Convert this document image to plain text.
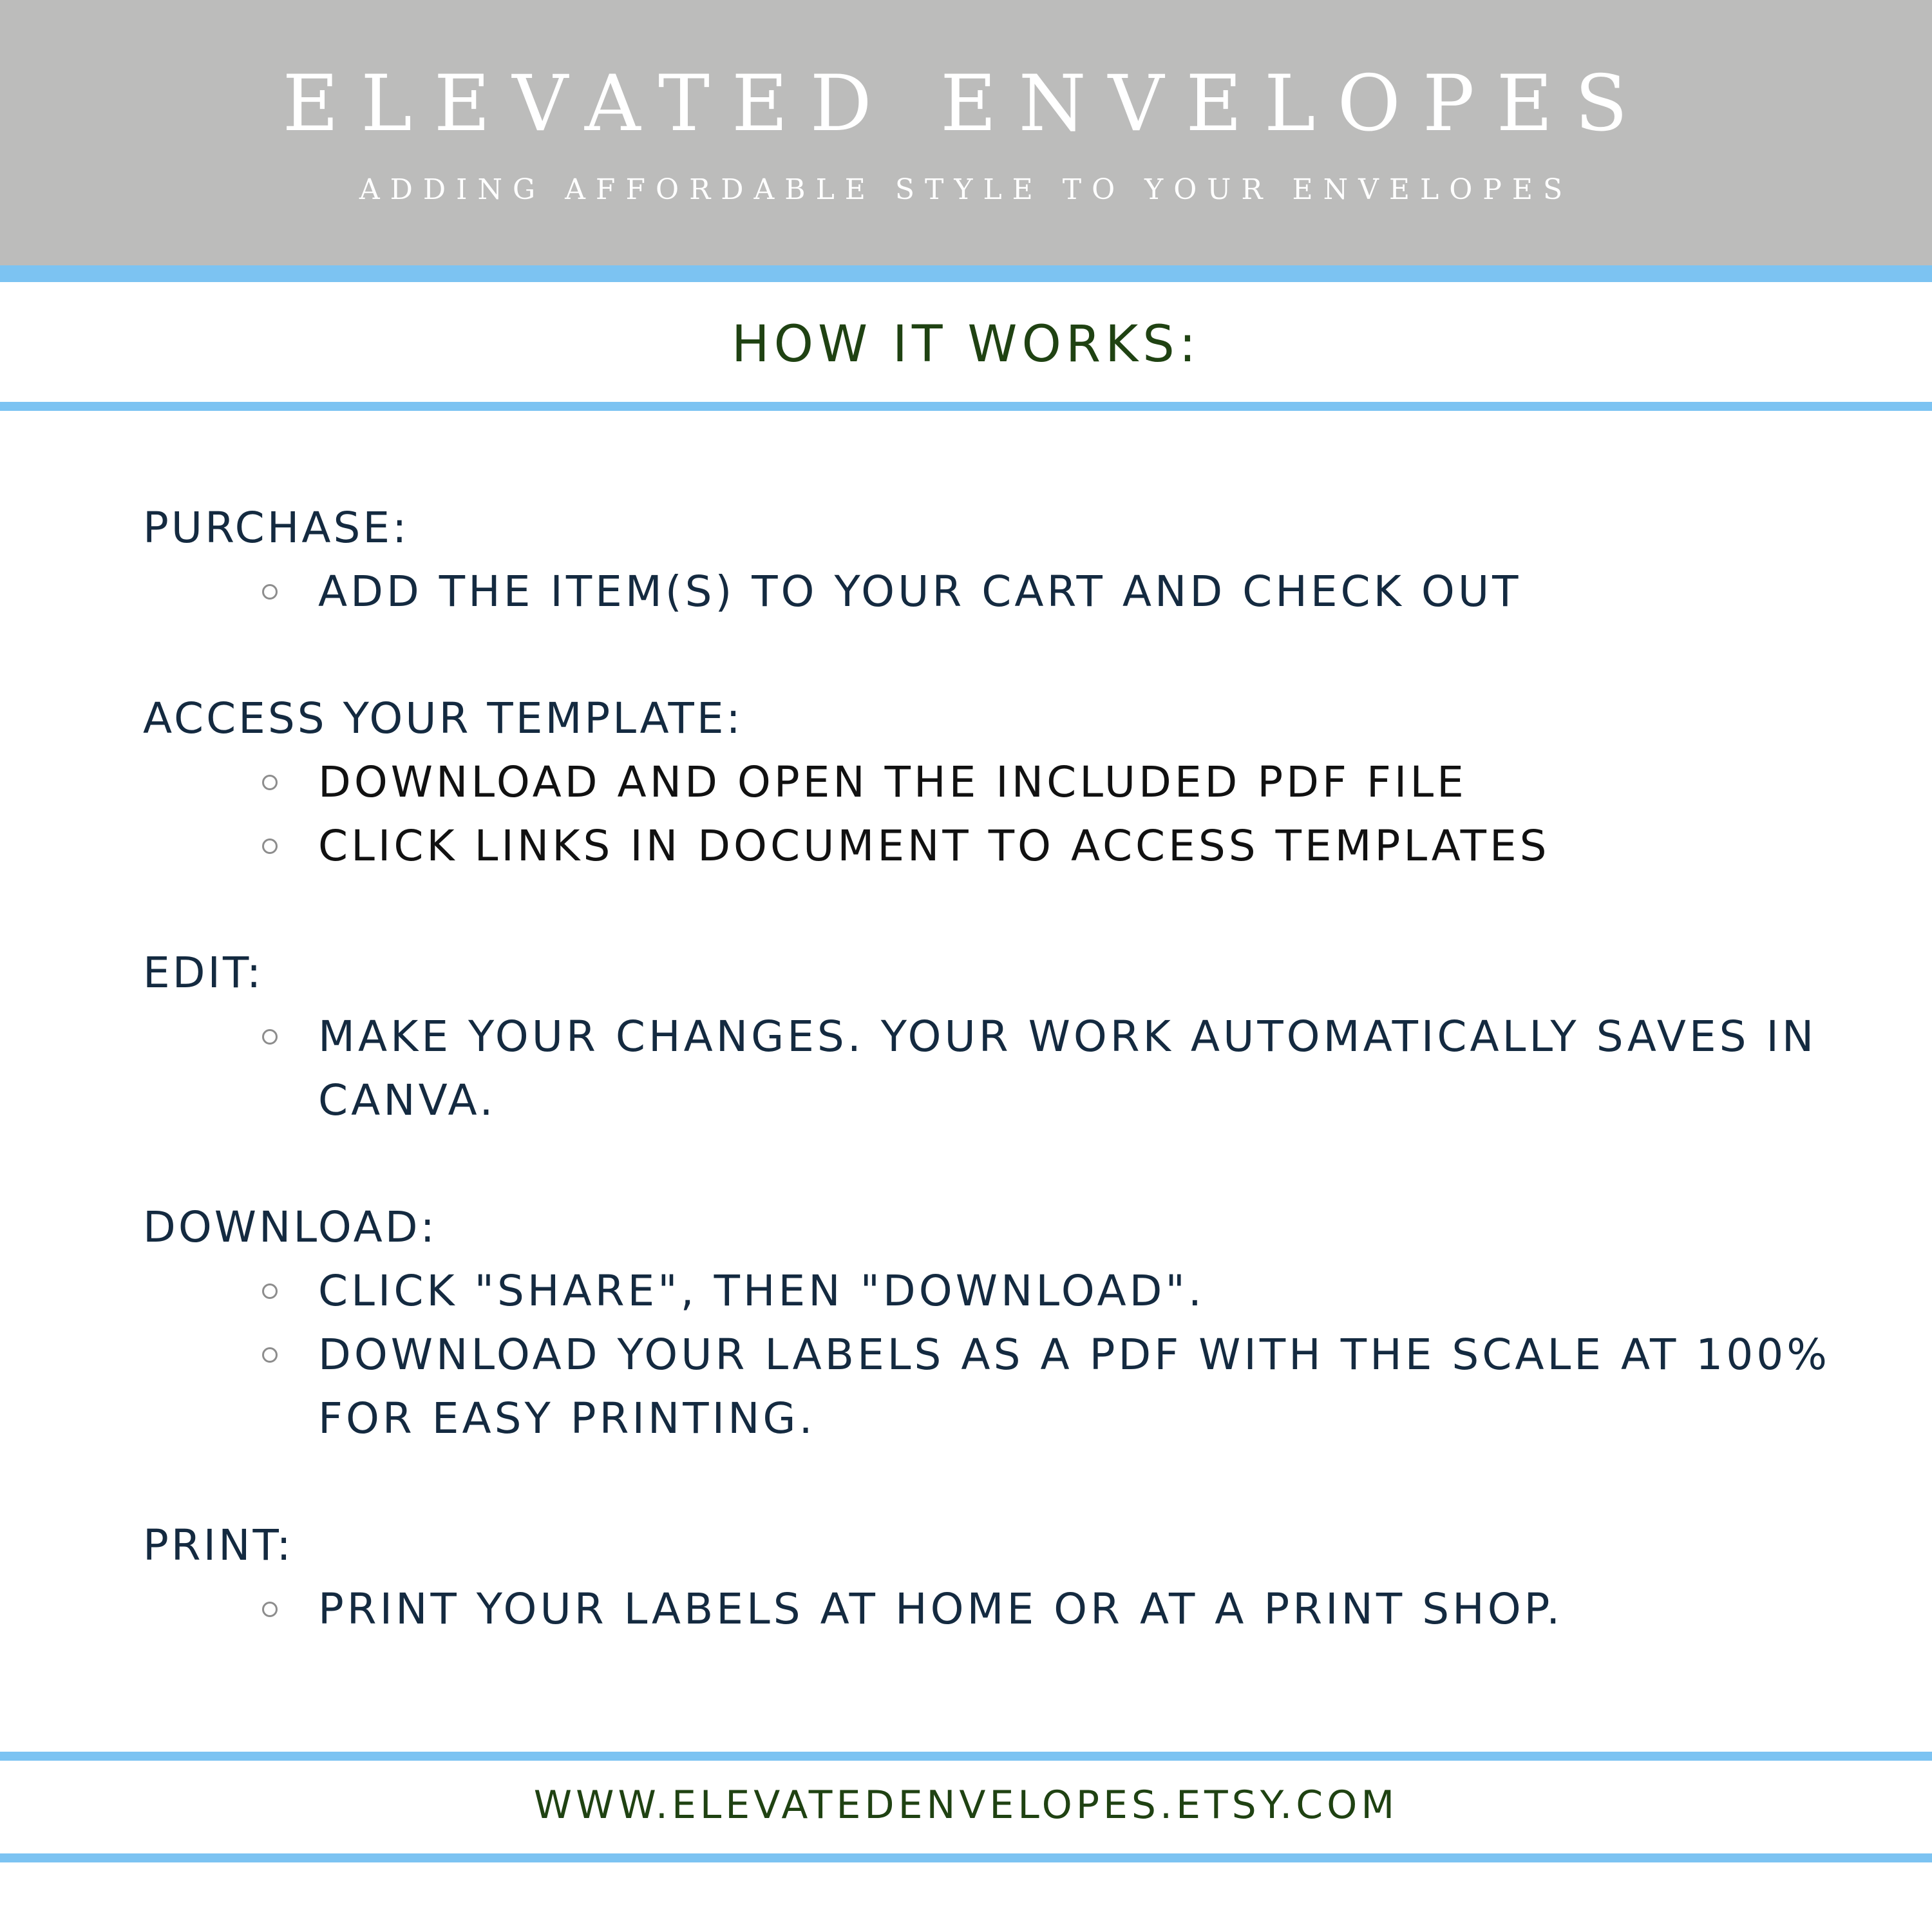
ELEVATED ENVELOPES
ADDING AFFORDABLE STYLE TO YOUR ENVELOPES
HOW IT WORKS:
PURCHASE:
ADD THE ITEM(S) TO YOUR CART AND CHECK OUT
ACCESS YOUR TEMPLATE:
DOWNLOAD AND OPEN THE INCLUDED PDF FILE
CLICK LINKS IN DOCUMENT TO ACCESS TEMPLATES
EDIT:
MAKE YOUR CHANGES. YOUR WORK AUTOMATICALLY SAVES IN CANVA.
DOWNLOAD:
CLICK "SHARE", THEN "DOWNLOAD".
DOWNLOAD YOUR LABELS AS A PDF WITH THE SCALE AT 100% FOR EASY PRINTING.
PRINT:
PRINT YOUR LABELS AT HOME OR AT A PRINT SHOP.
WWW.ELEVATEDENVELOPES.ETSY.COM
